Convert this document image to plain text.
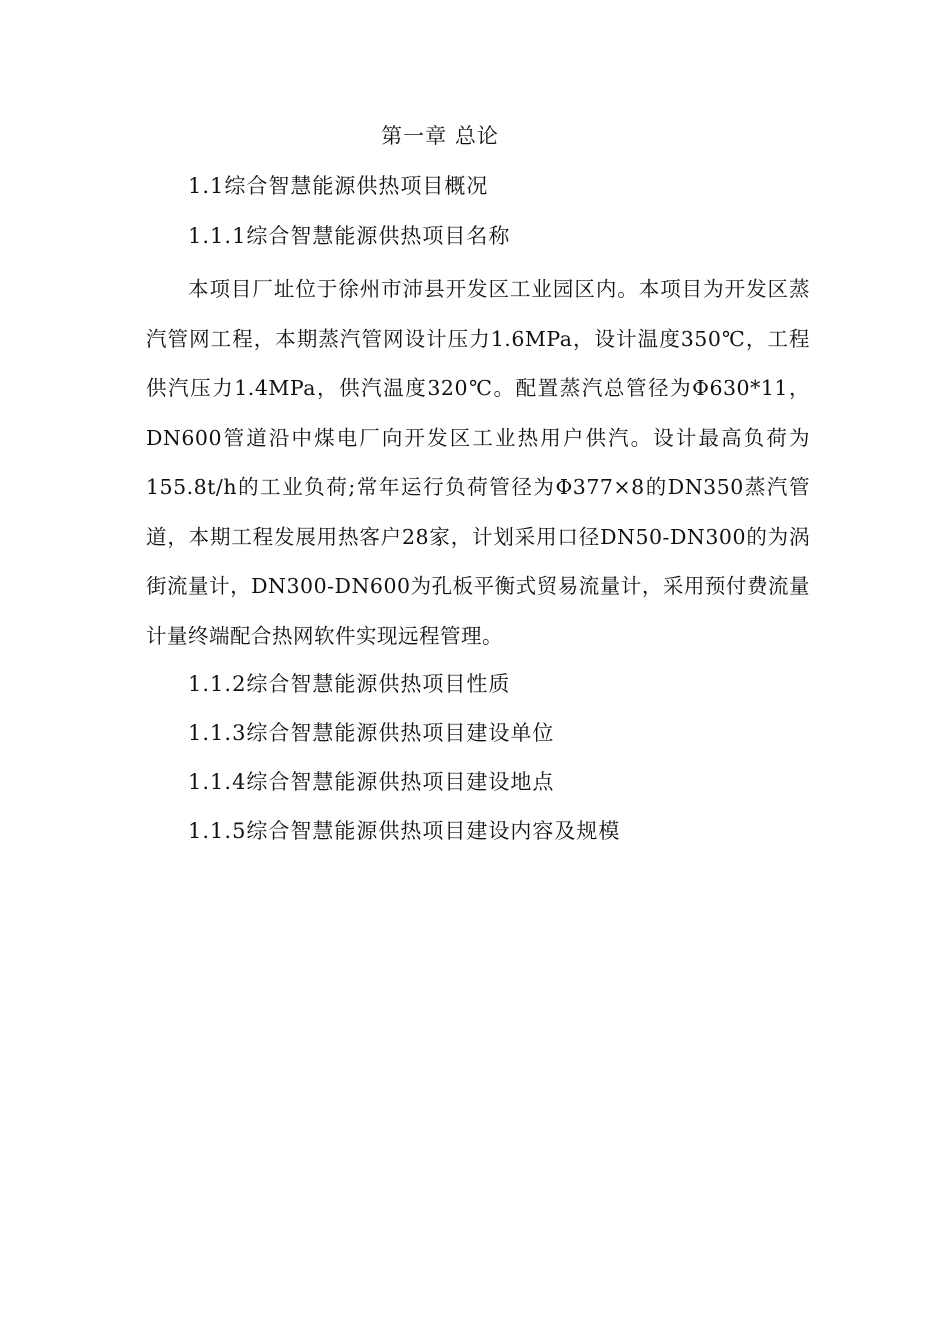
第一章 总论
1.1综合智慧能源供热项目概况
1.1.1综合智慧能源供热项目名称

本项目厂址位于徐州市沛县开发区工业园区内。本项目为开发区蒸汽管网工程，本期蒸汽管网设计压力1.6MPa，设计温度350℃，工程供汽压力1.4MPa，供汽温度320℃。配置蒸汽总管径为Φ630*11，DN600管道沿中煤电厂向开发区工业热用户供汽。设计最高负荷为155.8t/h的工业负荷;常年运行负荷管径为Φ377×8的DN350蒸汽管道，本期工程发展用热客户28家，计划采用口径DN50-DN300的为涡街流量计，DN300-DN600为孔板平衡式贸易流量计，采用预付费流量计量终端配合热网软件实现远程管理。

1.1.2综合智慧能源供热项目性质
1.1.3综合智慧能源供热项目建设单位
1.1.4综合智慧能源供热项目建设地点
1.1.5综合智慧能源供热项目建设内容及规模
